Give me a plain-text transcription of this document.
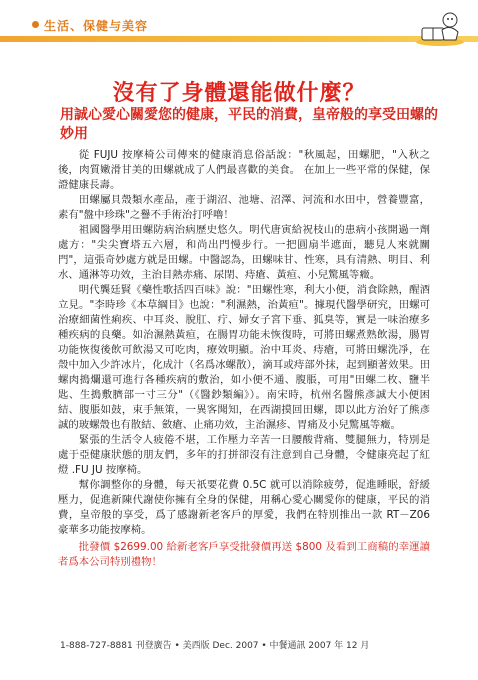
生活、保健与美容
沒有了身體還能做什麼？
用誠心愛心關愛您的健康，平民的消費，皇帝般的享受田螺的妙用

從 FUJU 按摩椅公司傳來的健康消息俗話說："秋風起，田螺肥，"入秋之後，肉質嫩滑甘美的田螺就成了人們最喜歡的美食。 在加上一些平常的保健，保證健康長壽。

田螺屬貝殼類水產品，產于湖沼、池塘、沼澤、河流和水田中，營養豐富，素有"盤中珍珠"之譽不手術治打呼嚕！

祖國醫學用田螺防病治病歷史悠久。明代唐寅給祝枝山的患病小孩開過一劑處方："尖尖寶塔五六層，和尚出門慢步行。一把圓扇半遮面，聽見人來就關門"，這張奇妙處方就是田螺。中醫認為，田螺味甘、性寒，具有清熱、明目、利水、通淋等功效，主治目熱赤痛、尿閉、痔瘡、黃疸、小兒驚風等癥。

明代龔廷賢《藥性歌括四百味》說："田螺性寒，利大小便，消食除熱，醒酒立見。"李時珍《本草綱目》也說："利濕熱，治黃疸"。據現代醫學研究，田螺可治療細菌性痢疾、中耳炎、脫肛、疔、婦女子宮下垂、狐臭等，實是一味治療多種疾病的良藥。如治濕熱黃疸，在腸胃功能未恢復時，可將田螺煮熟飲湯，腸胃功能恢復後飲可飲湯又可吃肉，療效明顯。治中耳炎、痔瘡，可將田螺洗凈，在殼中加入少許冰片，化成汁（名爲冰螺散），滴耳或痔部外抹，起到顯著效果。田螺肉搗爛還可進行各種疾病的敷治，如小便不通、腹脹，可用"田螺二枚、鹽半匙、生搗敷臍部一寸三分"（《醫鈔類編》）。南宋時，杭州名醫熊彥誠大小便困結、腹脹如鼓，束手無策，一異客聞知，在西湖摸回田螺，即以此方治好了熊彥誠的玻螺殼也有散結、斂瘡、止痛功效，主治濕疹、胃痛及小兒驚風等癥。

緊張的生活令人疲倦不堪，工作壓力辛苦一日腰酸背痛、雙腿無力，特別是處于亞健康狀態的朋友們，多年的打拼卻沒有注意到自己身體，令健康亮起了紅燈 .FU JU 按摩椅。

幫你調整你的身體，每天祇要花費 0.5C 就可以消除疲勞，促進睡眠，舒緩壓力，促進新陳代謝使你擁有全身的保健，用稱心愛心關愛你的健康，平民的消費，皇帝般的享受，爲了感謝新老客戶的厚愛，我們在特別推出一款 RT－Z06 豪華多功能按摩椅。

批發價 $2699.00 給新老客戶享受批發價再送 $800 及看到工商稿的幸運讀者爲本公司特別禮物！
1-888-727-8881 刊登廣告 • 美西版 Dec. 2007 • 中餐通訊 2007 年 12 月
